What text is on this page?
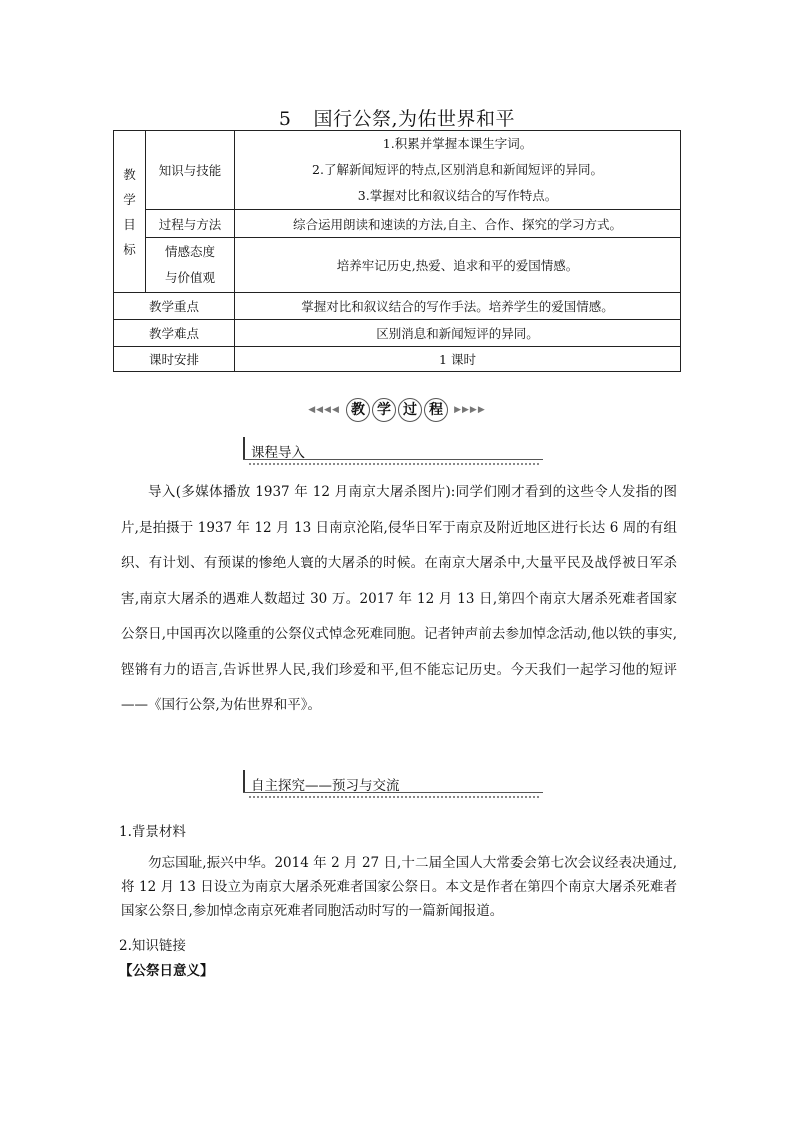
5 国行公祭,为佑世界和平
教
学
目
标	知识与技能	1.积累并掌握本课生字词。
2.了解新闻短评的特点,区别消息和新闻短评的异同。
3.掌握对比和叙议结合的写作特点。

	过程与方法	综合运用朗读和速读的方法,自主、合作、探究的学习方式。

	情感态度
与价值观	培养牢记历史,热爱、追求和平的爱国情感。
教学重点		掌握对比和叙议结合的写作手法。培养学生的爱国情感。
教学难点		区别消息和新闻短评的异同。
课时安排		1 课时
◀◀◀◀ 教 学 过 程 ▶▶▶▶
课程导入

导入(多媒体播放 1937 年 12 月南京大屠杀图片):同学们刚才看到的这些令人发指的图片,是拍摄于 1937 年 12 月 13 日南京沦陷,侵华日军于南京及附近地区进行长达 6 周的有组织、有计划、有预谋的惨绝人寰的大屠杀的时候。在南京大屠杀中,大量平民及战俘被日军杀害,南京大屠杀的遇难人数超过 30 万。2017 年 12 月 13 日,第四个南京大屠杀死难者国家公祭日,中国再次以隆重的公祭仪式悼念死难同胞。记者钟声前去参加悼念活动,他以铁的事实,铿锵有力的语言,告诉世界人民,我们珍爱和平,但不能忘记历史。今天我们一起学习他的短评——《国行公祭,为佑世界和平》。

自主探究——预习与交流
1.背景材料

勿忘国耻,振兴中华。2014 年 2 月 27 日,十二届全国人大常委会第七次会议经表决通过,将 12 月 13 日设立为南京大屠杀死难者国家公祭日。本文是作者在第四个南京大屠杀死难者国家公祭日,参加悼念南京死难者同胞活动时写的一篇新闻报道。

2.知识链接
【公祭日意义】
